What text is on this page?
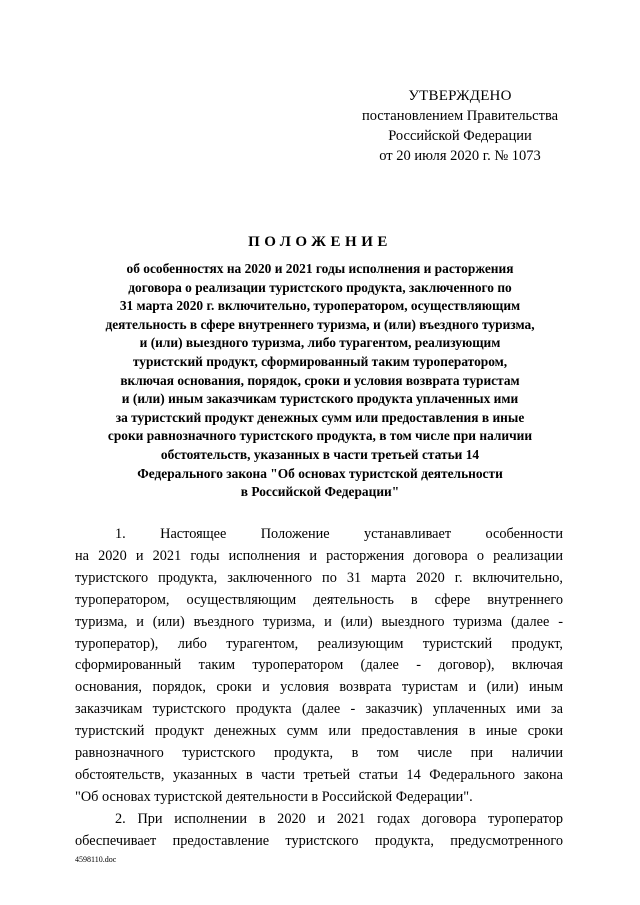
УТВЕРЖДЕНО
постановлением Правительства
Российской Федерации
от 20 июля 2020 г. № 1073
ПОЛОЖЕНИЕ
об особенностях на 2020 и 2021 годы исполнения и расторжения
договора о реализации туристского продукта, заключенного по
31 марта 2020 г. включительно, туроператором, осуществляющим
деятельность в сфере внутреннего туризма, и (или) въездного туризма,
и (или) выездного туризма, либо турагентом, реализующим
туристский продукт, сформированный таким туроператором,
включая основания, порядок, сроки и условия возврата туристам
и (или) иным заказчикам туристского продукта уплаченных ими
за туристский продукт денежных сумм или предоставления в иные
сроки равнозначного туристского продукта, в том числе при наличии
обстоятельств, указанных в части третьей статьи 14
Федерального закона "Об основах туристской деятельности
в Российской Федерации"
1. Настоящее Положение устанавливает особенности
на 2020 и 2021 годы исполнения и расторжения договора о реализации
туристского продукта, заключенного по 31 марта 2020 г. включительно,
туроператором, осуществляющим деятельность в сфере внутреннего
туризма, и (или) въездного туризма, и (или) выездного туризма (далее -
туроператор), либо турагентом, реализующим туристский продукт,
сформированный таким туроператором (далее - договор), включая
основания, порядок, сроки и условия возврата туристам и (или) иным
заказчикам туристского продукта (далее - заказчик) уплаченных ими за
туристский продукт денежных сумм или предоставления в иные сроки
равнозначного туристского продукта, в том числе при наличии
обстоятельств, указанных в части третьей статьи 14 Федерального закона
"Об основах туристской деятельности в Российской Федерации".
2. При исполнении в 2020 и 2021 годах договора туроператор
обеспечивает предоставление туристского продукта, предусмотренного
4598110.doc
